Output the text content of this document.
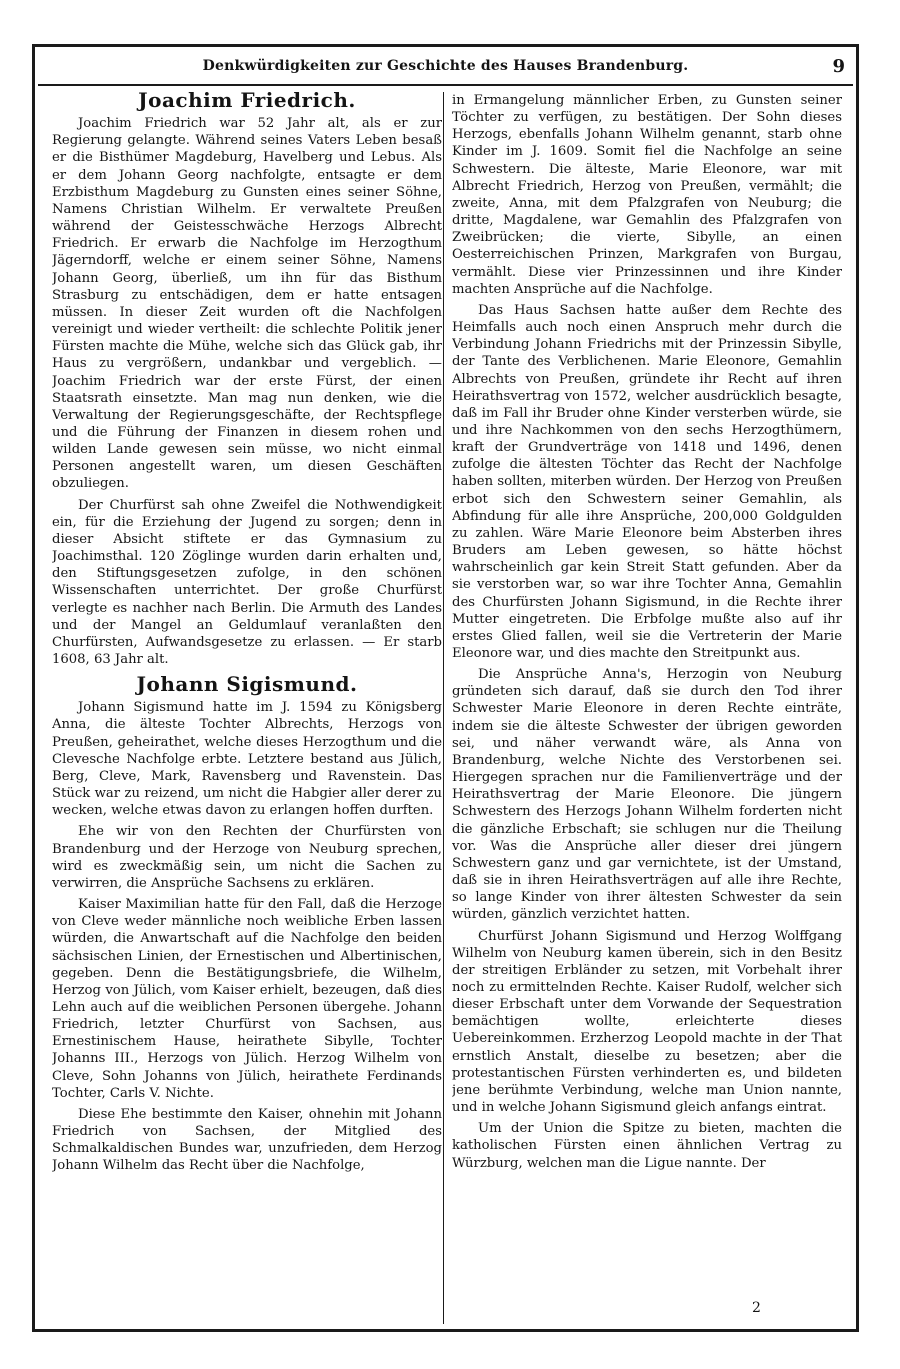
Denkwürdigkeiten zur Geschichte des Hauses Brandenburg.	9
Joachim Friedrich.

Joachim Friedrich war 52 Jahr alt, als er zur Regierung gelangte. Während seines Vaters Leben besaß er die Bisthümer Magdeburg, Havelberg und Lebus. Als er dem Johann Georg nachfolgte, entsagte er dem Erzbisthum Magdeburg zu Gunsten eines seiner Söhne, Namens Christian Wilhelm. Er verwaltete Preußen während der Geistesschwäche Herzogs Albrecht Friedrich. Er erwarb die Nachfolge im Herzogthum Jägerndorff, welche er einem seiner Söhne, Namens Johann Georg, überließ, um ihn für das Bisthum Strasburg zu entschädigen, dem er hatte entsagen müssen. In dieser Zeit wurden oft die Nachfolgen vereinigt und wieder vertheilt: die schlechte Politik jener Fürsten machte die Mühe, welche sich das Glück gab, ihr Haus zu vergrößern, undankbar und vergeblich. — Joachim Friedrich war der erste Fürst, der einen Staatsrath einsetzte. Man mag nun denken, wie die Verwaltung der Regierungsgeschäfte, der Rechtspflege und die Führung der Finanzen in diesem rohen und wilden Lande gewesen sein müsse, wo nicht einmal Personen angestellt waren, um diesen Geschäften obzuliegen.

Der Churfürst sah ohne Zweifel die Nothwendigkeit ein, für die Erziehung der Jugend zu sorgen; denn in dieser Absicht stiftete er das Gymnasium zu Joachimsthal. 120 Zöglinge wurden darin erhalten und, den Stiftungsgesetzen zufolge, in den schönen Wissenschaften unterrichtet. Der große Churfürst verlegte es nachher nach Berlin. Die Armuth des Landes und der Mangel an Geldumlauf veranlaßten den Churfürsten, Aufwandsgesetze zu erlassen. — Er starb 1608, 63 Jahr alt.

Johann Sigismund.

Johann Sigismund hatte im J. 1594 zu Königsberg Anna, die älteste Tochter Albrechts, Herzogs von Preußen, geheirathet, welche dieses Herzogthum und die Clevesche Nachfolge erbte. Letztere bestand aus Jülich, Berg, Cleve, Mark, Ravensberg und Ravenstein. Das Stück war zu reizend, um nicht die Habgier aller derer zu wecken, welche etwas davon zu erlangen hoffen durften.

Ehe wir von den Rechten der Churfürsten von Brandenburg und der Herzoge von Neuburg sprechen, wird es zweckmäßig sein, um nicht die Sachen zu verwirren, die Ansprüche Sachsens zu erklären.

Kaiser Maximilian hatte für den Fall, daß die Herzoge von Cleve weder männliche noch weibliche Erben lassen würden, die Anwartschaft auf die Nachfolge den beiden sächsischen Linien, der Ernestischen und Albertinischen, gegeben. Denn die Bestätigungsbriefe, die Wilhelm, Herzog von Jülich, vom Kaiser erhielt, bezeugen, daß dies Lehn auch auf die weiblichen Personen übergehe. Johann Friedrich, letzter Churfürst von Sachsen, aus Ernestinischem Hause, heirathete Sibylle, Tochter Johanns III., Herzogs von Jülich. Herzog Wilhelm von Cleve, Sohn Johanns von Jülich, heirathete Ferdinands Tochter, Carls V. Nichte.

Diese Ehe bestimmte den Kaiser, ohnehin mit Johann Friedrich von Sachsen, der Mitglied des Schmalkaldischen Bundes war, unzufrieden, dem Herzog Johann Wilhelm das Recht über die Nachfolge,

in Ermangelung männlicher Erben, zu Gunsten seiner Töchter zu verfügen, zu bestätigen. Der Sohn dieses Herzogs, ebenfalls Johann Wilhelm genannt, starb ohne Kinder im J. 1609. Somit fiel die Nachfolge an seine Schwestern. Die älteste, Marie Eleonore, war mit Albrecht Friedrich, Herzog von Preußen, vermählt; die zweite, Anna, mit dem Pfalzgrafen von Neuburg; die dritte, Magdalene, war Gemahlin des Pfalzgrafen von Zweibrücken; die vierte, Sibylle, an einen Oesterreichischen Prinzen, Markgrafen von Burgau, vermählt. Diese vier Prinzessinnen und ihre Kinder machten Ansprüche auf die Nachfolge.

Das Haus Sachsen hatte außer dem Rechte des Heimfalls auch noch einen Anspruch mehr durch die Verbindung Johann Friedrichs mit der Prinzessin Sibylle, der Tante des Verblichenen. Marie Eleonore, Gemahlin Albrechts von Preußen, gründete ihr Recht auf ihren Heirathsvertrag von 1572, welcher ausdrücklich besagte, daß im Fall ihr Bruder ohne Kinder versterben würde, sie und ihre Nachkommen von den sechs Herzogthümern, kraft der Grundverträge von 1418 und 1496, denen zufolge die ältesten Töchter das Recht der Nachfolge haben sollten, miterben würden. Der Herzog von Preußen erbot sich den Schwestern seiner Gemahlin, als Abfindung für alle ihre Ansprüche, 200,000 Goldgulden zu zahlen. Wäre Marie Eleonore beim Absterben ihres Bruders am Leben gewesen, so hätte höchst wahrscheinlich gar kein Streit Statt gefunden. Aber da sie verstorben war, so war ihre Tochter Anna, Gemahlin des Churfürsten Johann Sigismund, in die Rechte ihrer Mutter eingetreten. Die Erbfolge mußte also auf ihr erstes Glied fallen, weil sie die Vertreterin der Marie Eleonore war, und dies machte den Streitpunkt aus.

Die Ansprüche Anna's, Herzogin von Neuburg gründeten sich darauf, daß sie durch den Tod ihrer Schwester Marie Eleonore in deren Rechte einträte, indem sie die älteste Schwester der übrigen geworden sei, und näher verwandt wäre, als Anna von Brandenburg, welche Nichte des Verstorbenen sei. Hiergegen sprachen nur die Familienverträge und der Heirathsvertrag der Marie Eleonore. Die jüngern Schwestern des Herzogs Johann Wilhelm forderten nicht die gänzliche Erbschaft; sie schlugen nur die Theilung vor. Was die Ansprüche aller dieser drei jüngern Schwestern ganz und gar vernichtete, ist der Umstand, daß sie in ihren Heirathsverträgen auf alle ihre Rechte, so lange Kinder von ihrer ältesten Schwester da sein würden, gänzlich verzichtet hatten.

Churfürst Johann Sigismund und Herzog Wolffgang Wilhelm von Neuburg kamen überein, sich in den Besitz der streitigen Erbländer zu setzen, mit Vorbehalt ihrer noch zu ermittelnden Rechte. Kaiser Rudolf, welcher sich dieser Erbschaft unter dem Vorwande der Sequestration bemächtigen wollte, erleichterte dieses Uebereinkommen. Erzherzog Leopold machte in der That ernstlich Anstalt, dieselbe zu besetzen; aber die protestantischen Fürsten verhinderten es, und bildeten jene berühmte Verbindung, welche man Union nannte, und in welche Johann Sigismund gleich anfangs eintrat.

Um der Union die Spitze zu bieten, machten die katholischen Fürsten einen ähnlichen Vertrag zu Würzburg, welchen man die Ligue nannte. Der

2
